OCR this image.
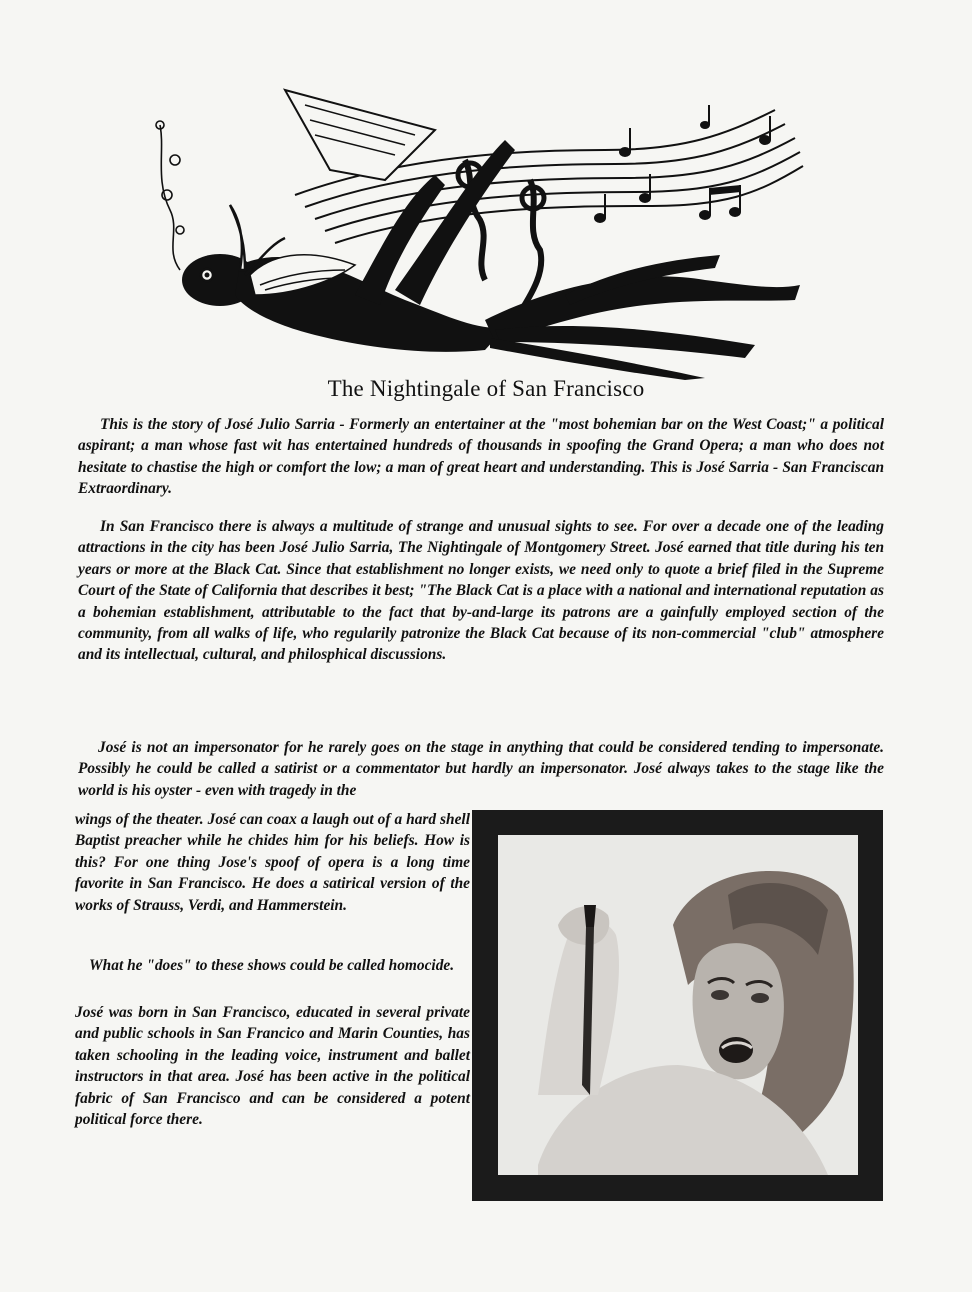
The Nightingale of San Francisco

This is the story of José Julio Sarria - Formerly an entertainer at the "most bohemian bar on the West Coast;" a political aspirant; a man whose fast wit has entertained hundreds of thousands in spoofing the Grand Opera; a man who does not hesitate to chastise the high or comfort the low; a man of great heart and understanding. This is José Sarria - San Franciscan Extraordinary.

In San Francisco there is always a multitude of strange and unusual sights to see. For over a decade one of the leading attractions in the city has been José Julio Sarria, The Nightingale of Montgomery Street. José earned that title during his ten years or more at the Black Cat. Since that establishment no longer exists, we need only to quote a brief filed in the Supreme Court of the State of California that describes it best; "The Black Cat is a place with a national and international reputation as a bohemian establishment, attributable to the fact that by-and-large its patrons are a gainfully employed section of the community, from all walks of life, who regularily patronize the Black Cat because of its non-commercial "club" atmosphere and its intellectual, cultural, and philosphical discussions.

José is not an impersonator for he rarely goes on the stage in anything that could be considered tending to impersonate. Possibly he could be called a satirist or a commentator but hardly an impersonator. José always takes to the stage like the world is his oyster - even with tragedy in the

wings of the theater. José can coax a laugh out of a hard shell Baptist preacher while he chides him for his beliefs. How is this? For one thing Jose's spoof of opera is a long time favorite in San Francisco. He does a satirical version of the works of Strauss, Verdi, and Hammerstein.

What he "does" to these shows could be called homocide.

José was born in San Francisco, educated in several private and public schools in San Francico and Marin Counties, has taken schooling in the leading voice, instrument and ballet instructors in that area. José has been active in the political fabric of San Francisco and can be considered a potent political force there.
